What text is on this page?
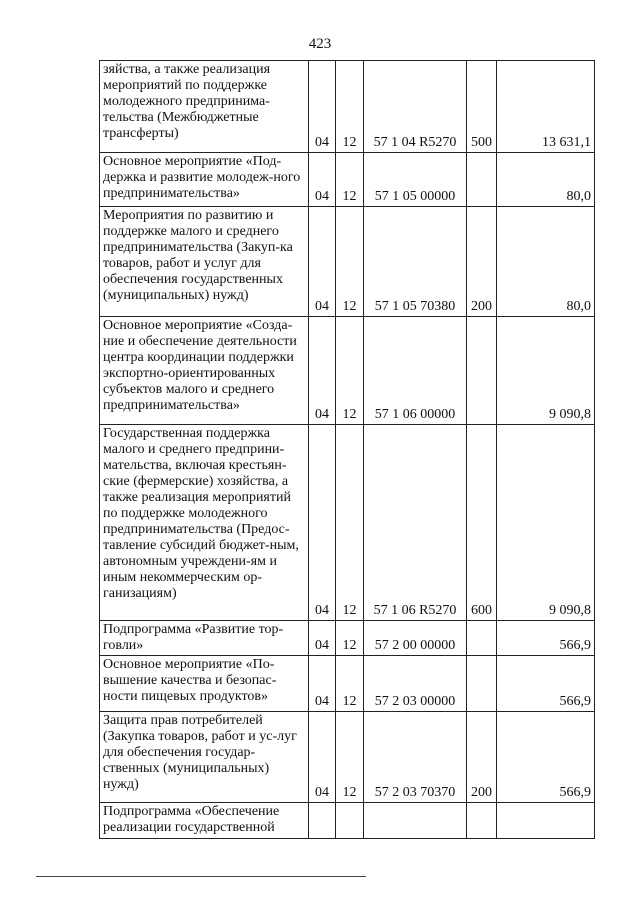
423
зяйства, а также реализация мероприятий по поддержке молодежного предпринима-тельства (Межбюджетные трансферты)	04	12	57 1 04 R5270	500	13 631,1

Основное мероприятие «Под-держка и развитие молодеж-ного предпринимательства»	04	12	57 1 05 00000		80,0

Мероприятия по развитию и поддержке малого и среднего предпринимательства (Закуп-ка товаров, работ и услуг для обеспечения государственных (муниципальных) нужд)	04	12	57 1 05 70380	200	80,0

Основное мероприятие «Созда-ние и обеспечение деятельности центра координации поддержки экспортно-ориентированных субъектов малого и среднего предпринимательства»	04	12	57 1 06 00000		9 090,8

Государственная поддержка малого и среднего предприни-мательства, включая крестьян-ские (фермерские) хозяйства, а также реализация мероприятий по поддержке молодежного предпринимательства (Предос-тавление субсидий бюджет-ным, автономным учреждени-ям и иным некоммерческим ор-ганизациям)	04	12	57 1 06 R5270	600	9 090,8

Подпрограмма «Развитие тор-говли»	04	12	57 2 00 00000		566,9

Основное мероприятие «По-вышение качества и безопас-ности пищевых продуктов»	04	12	57 2 03 00000		566,9

Защита прав потребителей (Закупка товаров, работ и ус-луг для обеспечения государ-ственных (муниципальных) нужд)	04	12	57 2 03 70370	200	566,9

Подпрограмма «Обеспечение реализации государственной					
